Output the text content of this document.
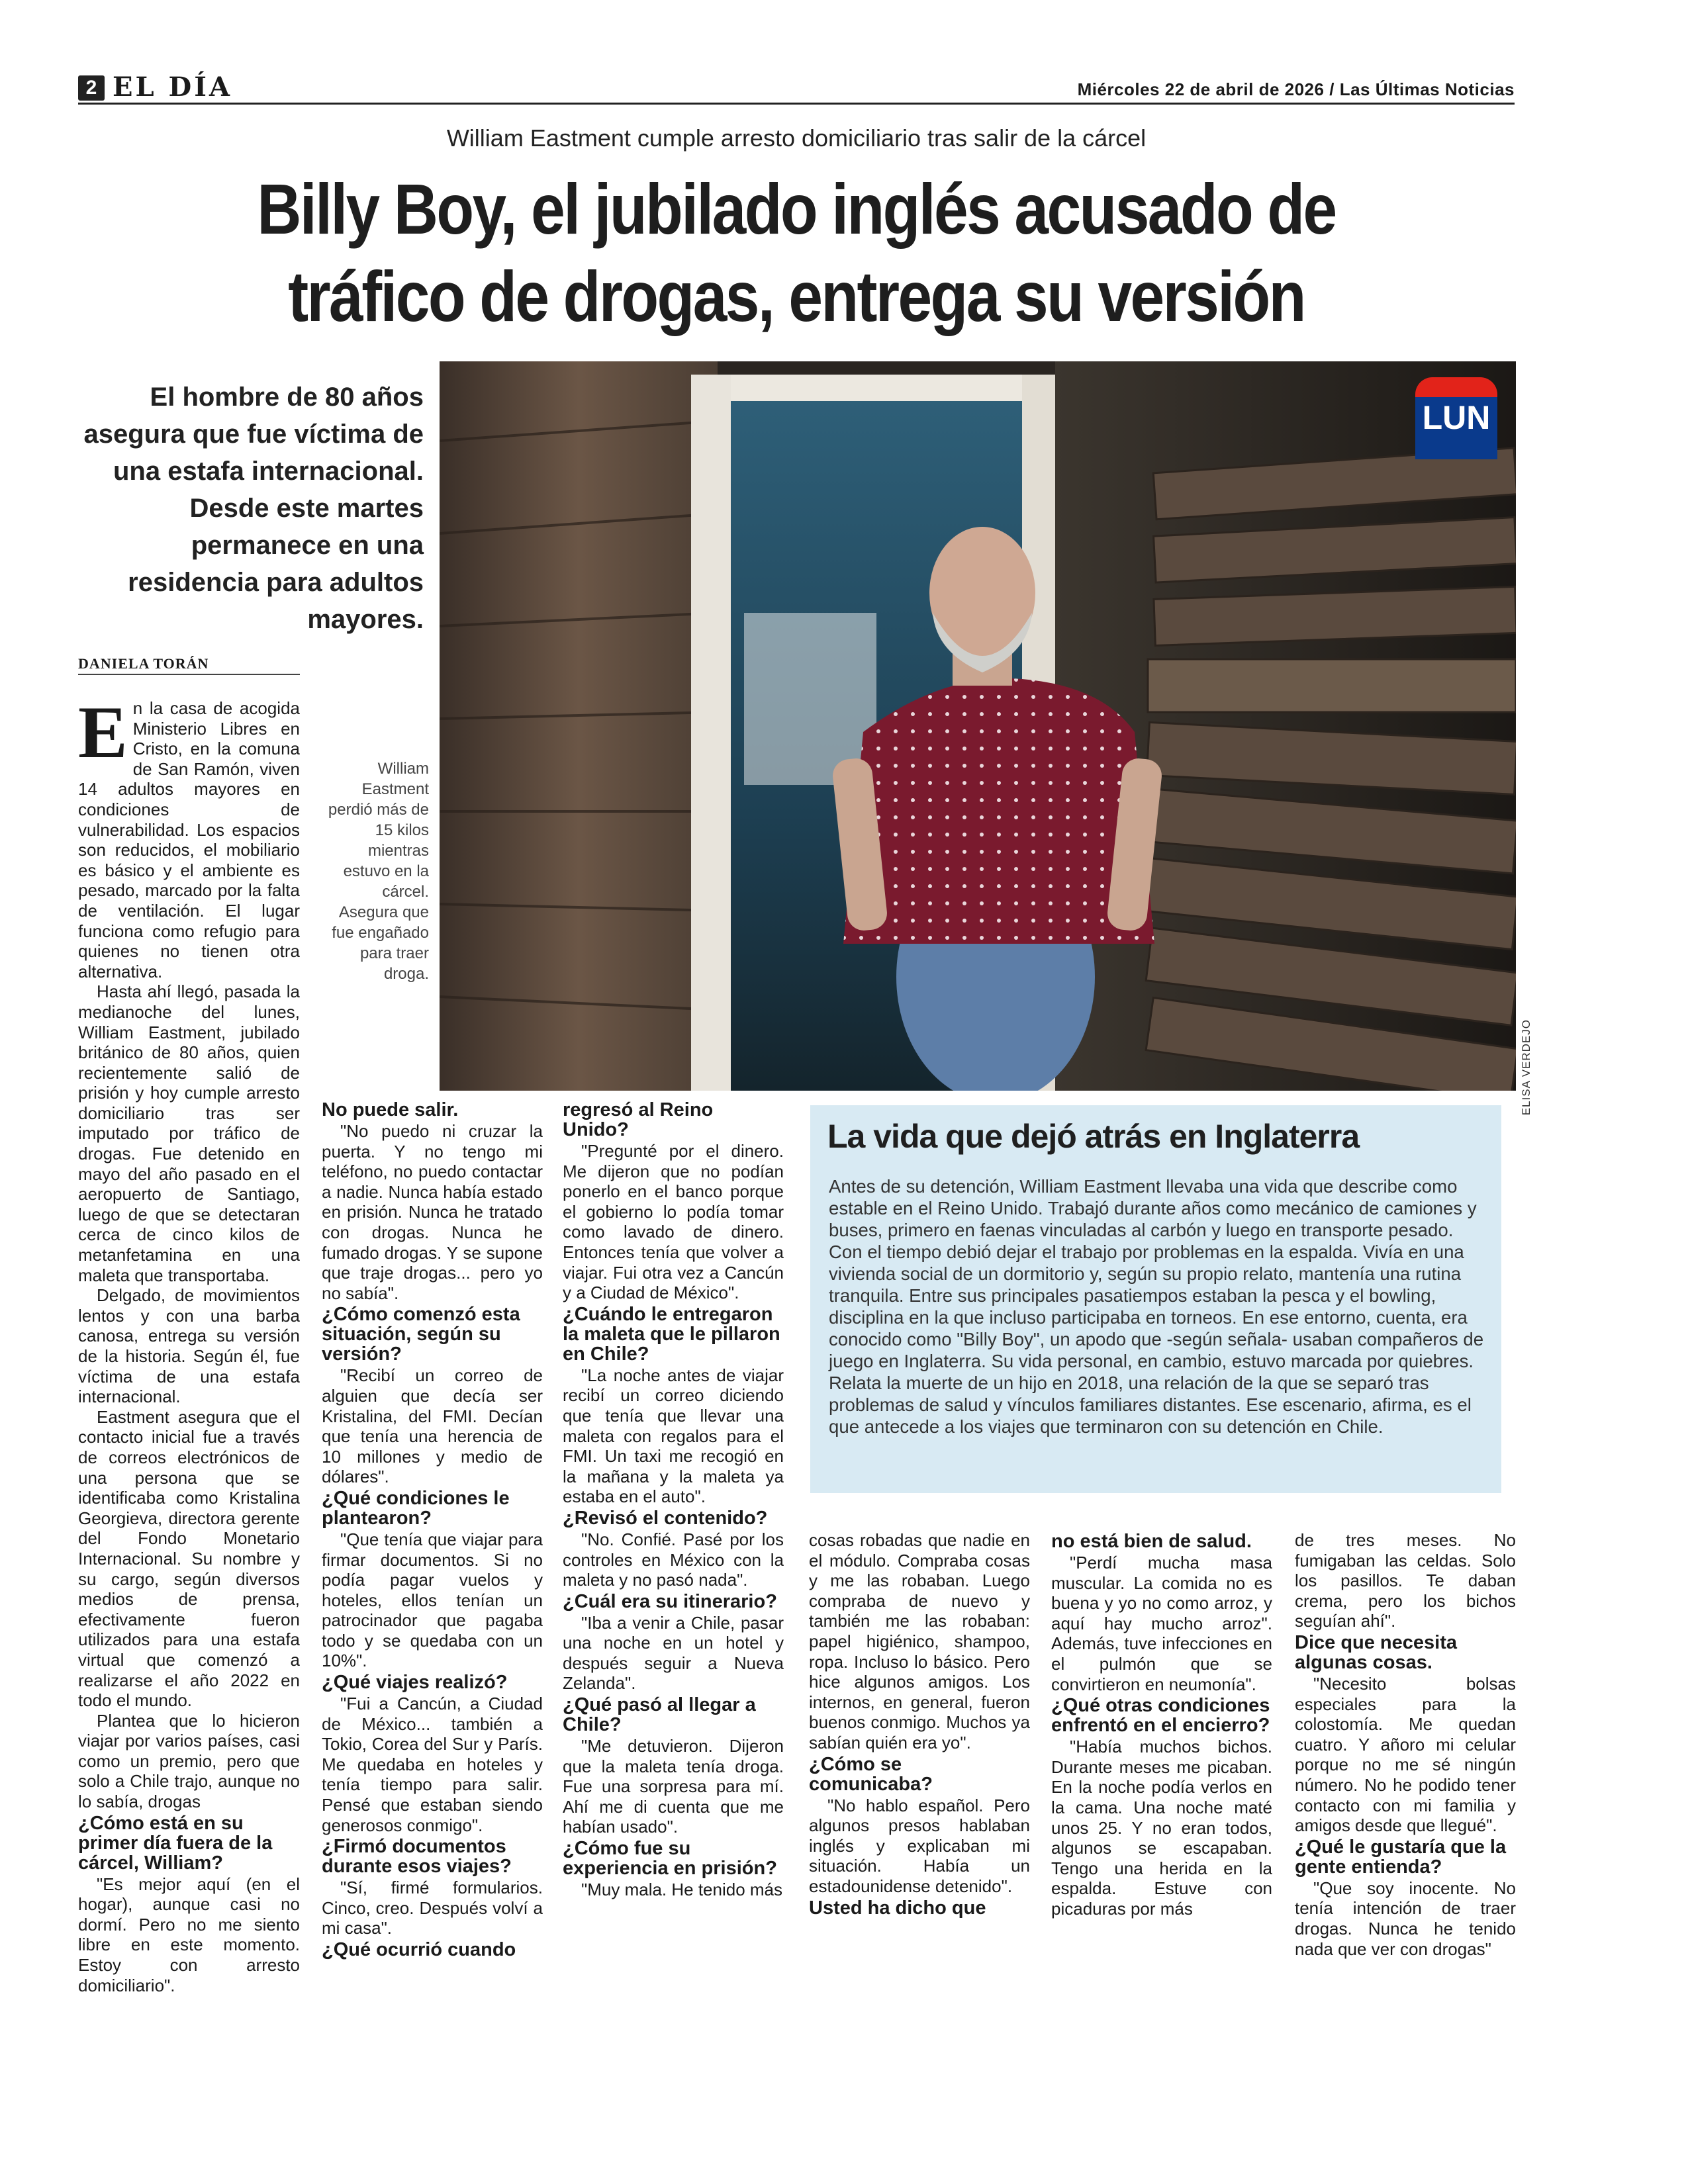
2 EL DÍA	Miércoles 22 de abril de 2026 / Las Últimas Noticias
William Eastment cumple arresto domiciliario tras salir de la cárcel
Billy Boy, el jubilado inglés acusado de
tráfico de drogas, entrega su versión
El hombre de 80 años asegura que fue víctima de una estafa internacional. Desde este martes permanece en una residencia para adultos mayores.
DANIELA TORÁN
LUN
ELISA VERDEJO
William Eastment perdió más de 15 kilos mientras estuvo en la cárcel. Asegura que fue engañado para traer droga.

En la casa de acogida Ministerio Libres en Cristo, en la comuna de San Ramón, viven 14 adultos mayores en condiciones de vulnerabilidad. Los espacios son reducidos, el mobiliario es básico y el ambiente es pesado, marcado por la falta de ventilación. El lugar funciona como refugio para quienes no tienen otra alternativa.

Hasta ahí llegó, pasada la medianoche del lunes, William Eastment, jubilado británico de 80 años, quien recientemente salió de prisión y hoy cumple arresto domiciliario tras ser imputado por tráfico de drogas. Fue detenido en mayo del año pasado en el aeropuerto de Santiago, luego de que se detectaran cerca de cinco kilos de metanfetamina en una maleta que transportaba.

Delgado, de movimientos lentos y con una barba canosa, entrega su versión de la historia. Según él, fue víctima de una estafa internacional.

Eastment asegura que el contacto inicial fue a través de correos electrónicos de una persona que se identificaba como Kristalina Georgieva, directora gerente del Fondo Monetario Internacional. Su nombre y su cargo, según diversos medios de prensa, efectivamente fueron utilizados para una estafa virtual que comenzó a realizarse el año 2022 en todo el mundo.

Plantea que lo hicieron viajar por varios países, casi como un premio, pero que solo a Chile trajo, aunque no lo sabía, drogas

¿Cómo está en su primer día fuera de la cárcel, William?

"Es mejor aquí (en el hogar), aunque casi no dormí. Pero no me siento libre en este momento. Estoy con arresto domiciliario".

No puede salir.

"No puedo ni cruzar la puerta. Y no tengo mi teléfono, no puedo contactar a nadie. Nunca había estado en prisión. Nunca he tratado con drogas. Nunca he fumado drogas. Y se supone que traje drogas... pero yo no sabía".

¿Cómo comenzó esta situación, según su versión?

"Recibí un correo de alguien que decía ser Kristalina, del FMI. Decían que tenía una herencia de 10 millones y medio de dólares".

¿Qué condiciones le plantearon?

"Que tenía que viajar para firmar documentos. Si no podía pagar vuelos y hoteles, ellos tenían un patrocinador que pagaba todo y se quedaba con un 10%".

¿Qué viajes realizó?

"Fui a Cancún, a Ciudad de México... también a Tokio, Corea del Sur y París. Me quedaba en hoteles y tenía tiempo para salir. Pensé que estaban siendo generosos conmigo".

¿Firmó documentos durante esos viajes?

"Sí, firmé formularios. Cinco, creo. Después volví a mi casa".

¿Qué ocurrió cuando

regresó al Reino Unido?

"Pregunté por el dinero. Me dijeron que no podían ponerlo en el banco porque el gobierno lo podía tomar como lavado de dinero. Entonces tenía que volver a viajar. Fui otra vez a Cancún y a Ciudad de México".

¿Cuándo le entregaron la maleta que le pillaron en Chile?

"La noche antes de viajar recibí un correo diciendo que tenía que llevar una maleta con regalos para el FMI. Un taxi me recogió en la mañana y la maleta ya estaba en el auto".

¿Revisó el contenido?

"No. Confié. Pasé por los controles en México con la maleta y no pasó nada".

¿Cuál era su itinerario?

"Iba a venir a Chile, pasar una noche en un hotel y después seguir a Nueva Zelanda".

¿Qué pasó al llegar a Chile?

"Me detuvieron. Dijeron que la maleta tenía droga. Fue una sorpresa para mí. Ahí me di cuenta que me habían usado".

¿Cómo fue su experiencia en prisión?

"Muy mala. He tenido más

La vida que dejó atrás en Inglaterra
Antes de su detención, William Eastment llevaba una vida que describe como estable en el Reino Unido. Trabajó durante años como mecánico de camiones y buses, primero en faenas vinculadas al carbón y luego en transporte pesado. Con el tiempo debió dejar el trabajo por problemas en la espalda. Vivía en una vivienda social de un dormitorio y, según su propio relato, mantenía una rutina tranquila. Entre sus principales pasatiempos estaban la pesca y el bowling, disciplina en la que incluso participaba en torneos. En ese entorno, cuenta, era conocido como "Billy Boy", un apodo que -según señala- usaban compañeros de juego en Inglaterra. Su vida personal, en cambio, estuvo marcada por quiebres. Relata la muerte de un hijo en 2018, una relación de la que se separó tras problemas de salud y vínculos familiares distantes. Ese escenario, afirma, es el que antecede a los viajes que terminaron con su detención en Chile.

cosas robadas que nadie en el módulo. Compraba cosas y me las robaban. Luego compraba de nuevo y también me las robaban: papel higiénico, shampoo, ropa. Incluso lo básico. Pero hice algunos amigos. Los internos, en general, fueron buenos conmigo. Muchos ya sabían quién era yo".

¿Cómo se comunicaba?

"No hablo español. Pero algunos presos hablaban inglés y explicaban mi situación. Había un estadounidense detenido".

Usted ha dicho que

no está bien de salud.

"Perdí mucha masa muscular. La comida no es buena y yo no como arroz, y aquí hay mucho arroz". Además, tuve infecciones en el pulmón que se convirtieron en neumonía".

¿Qué otras condiciones enfrentó en el encierro?

"Había muchos bichos. Durante meses me picaban. En la noche podía verlos en la cama. Una noche maté unos 25. Y no eran todos, algunos se escapaban. Tengo una herida en la espalda. Estuve con picaduras por más

de tres meses. No fumigaban las celdas. Solo los pasillos. Te daban crema, pero los bichos seguían ahí".

Dice que necesita algunas cosas.

"Necesito bolsas especiales para la colostomía. Me quedan cuatro. Y añoro mi celular porque no me sé ningún número. No he podido tener contacto con mi familia y amigos desde que llegué".

¿Qué le gustaría que la gente entienda?

"Que soy inocente. No tenía intención de traer drogas. Nunca he tenido nada que ver con drogas"
